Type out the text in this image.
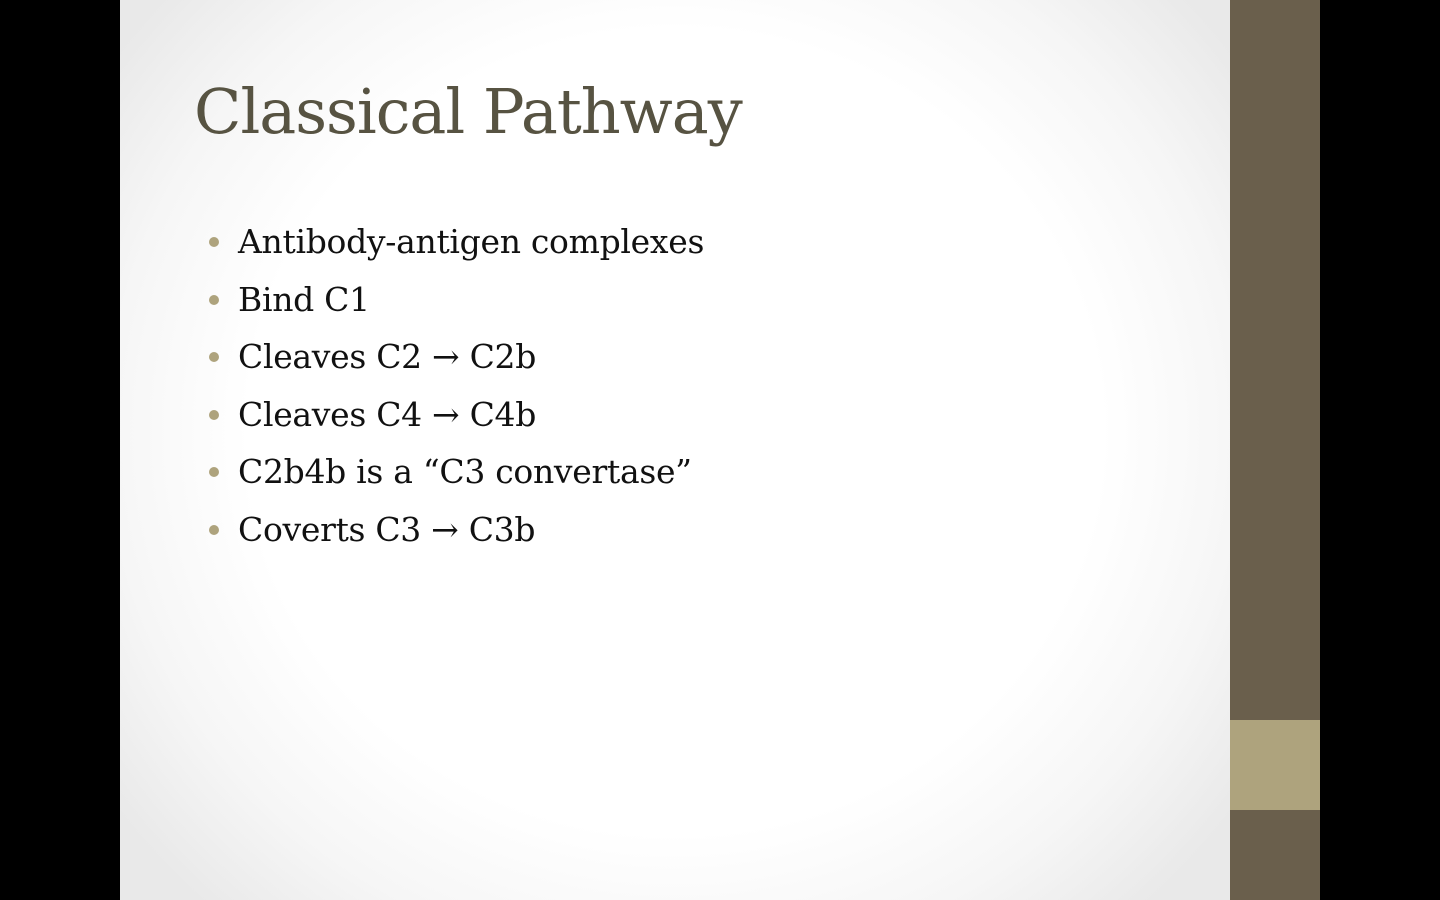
Classical Pathway
Antibody-antigen complexes
Bind C1
Cleaves C2 → C2b
Cleaves C4 → C4b
C2b4b is a “C3 convertase”
Coverts C3 → C3b
